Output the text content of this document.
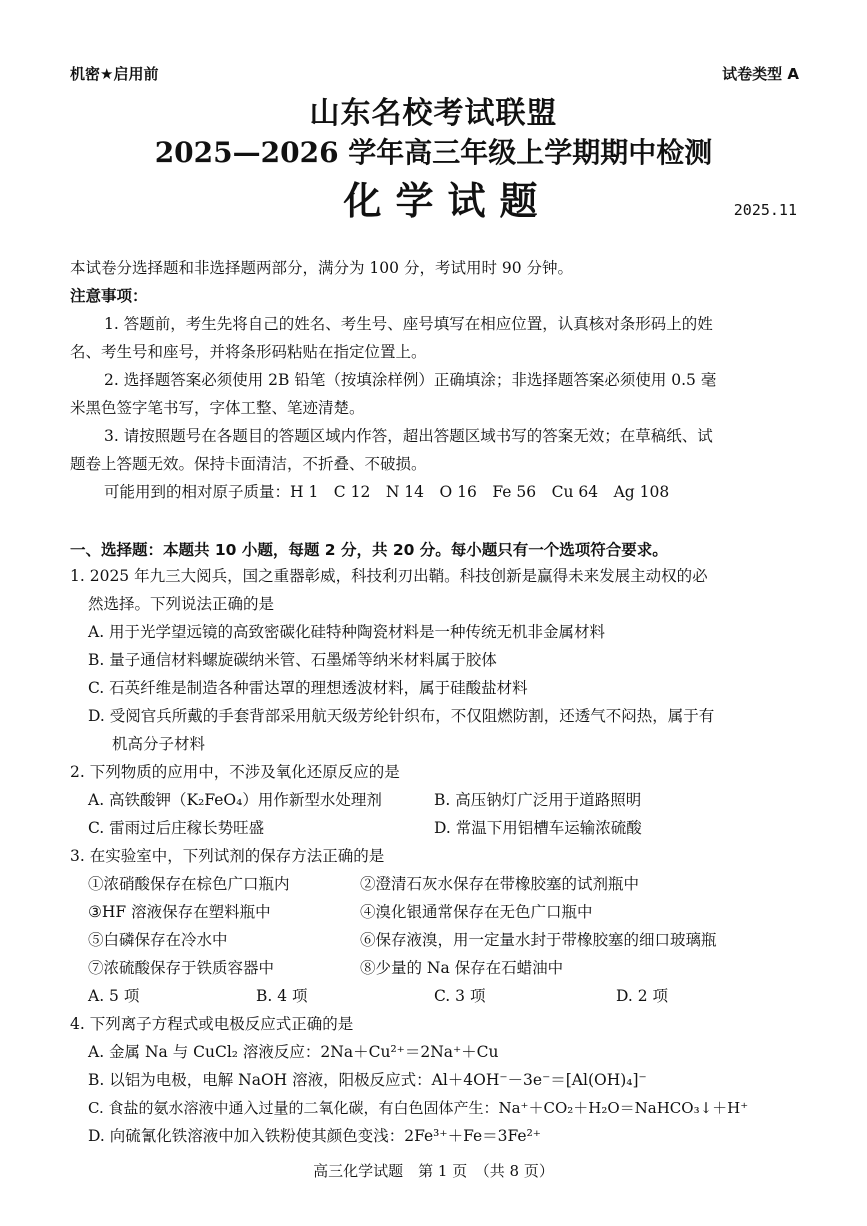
机密★启用前	试卷类型 A
山东名校考试联盟
2025—2026 学年高三年级上学期期中检测
化学试题	2025.11
本试卷分选择题和非选择题两部分，满分为 100 分，考试用时 90 分钟。
注意事项：
1. 答题前，考生先将自己的姓名、考生号、座号填写在相应位置，认真核对条形码上的姓
名、考生号和座号，并将条形码粘贴在指定位置上。
2. 选择题答案必须使用 2B 铅笔（按填涂样例）正确填涂；非选择题答案必须使用 0.5 毫
米黑色签字笔书写，字体工整、笔迹清楚。
3. 请按照题号在各题目的答题区域内作答，超出答题区域书写的答案无效；在草稿纸、试
题卷上答题无效。保持卡面清洁，不折叠、不破损。
可能用到的相对原子质量：H 1　C 12　N 14　O 16　Fe 56　Cu 64　Ag 108
一、选择题：本题共 10 小题，每题 2 分，共 20 分。每小题只有一个选项符合要求。
1. 2025 年九三大阅兵，国之重器彰威，科技利刃出鞘。科技创新是赢得未来发展主动权的必
然选择。下列说法正确的是
A. 用于光学望远镜的高致密碳化硅特种陶瓷材料是一种传统无机非金属材料
B. 量子通信材料螺旋碳纳米管、石墨烯等纳米材料属于胶体
C. 石英纤维是制造各种雷达罩的理想透波材料，属于硅酸盐材料
D. 受阅官兵所戴的手套背部采用航天级芳纶针织布，不仅阻燃防割，还透气不闷热，属于有
机高分子材料
2. 下列物质的应用中，不涉及氧化还原反应的是
A. 高铁酸钾（K₂FeO₄）用作新型水处理剂	B. 高压钠灯广泛用于道路照明
C. 雷雨过后庄稼长势旺盛	D. 常温下用铝槽车运输浓硫酸
3. 在实验室中，下列试剂的保存方法正确的是
①浓硝酸保存在棕色广口瓶内	②澄清石灰水保存在带橡胶塞的试剂瓶中
③HF 溶液保存在塑料瓶中	④溴化银通常保存在无色广口瓶中
⑤白磷保存在冷水中	⑥保存液溴，用一定量水封于带橡胶塞的细口玻璃瓶
⑦浓硫酸保存于铁质容器中	⑧少量的 Na 保存在石蜡油中
A. 5 项	B. 4 项	C. 3 项	D. 2 项
4. 下列离子方程式或电极反应式正确的是
A. 金属 Na 与 CuCl₂ 溶液反应：2Na＋Cu²⁺＝2Na⁺＋Cu
B. 以铝为电极，电解 NaOH 溶液，阳极反应式：Al＋4OH⁻－3e⁻＝[Al(OH)₄]⁻
C. 食盐的氨水溶液中通入过量的二氧化碳，有白色固体产生：Na⁺＋CO₂＋H₂O＝NaHCO₃↓＋H⁺
D. 向硫氰化铁溶液中加入铁粉使其颜色变浅：2Fe³⁺＋Fe＝3Fe²⁺
高三化学试题　第 1 页　（共 8 页）
